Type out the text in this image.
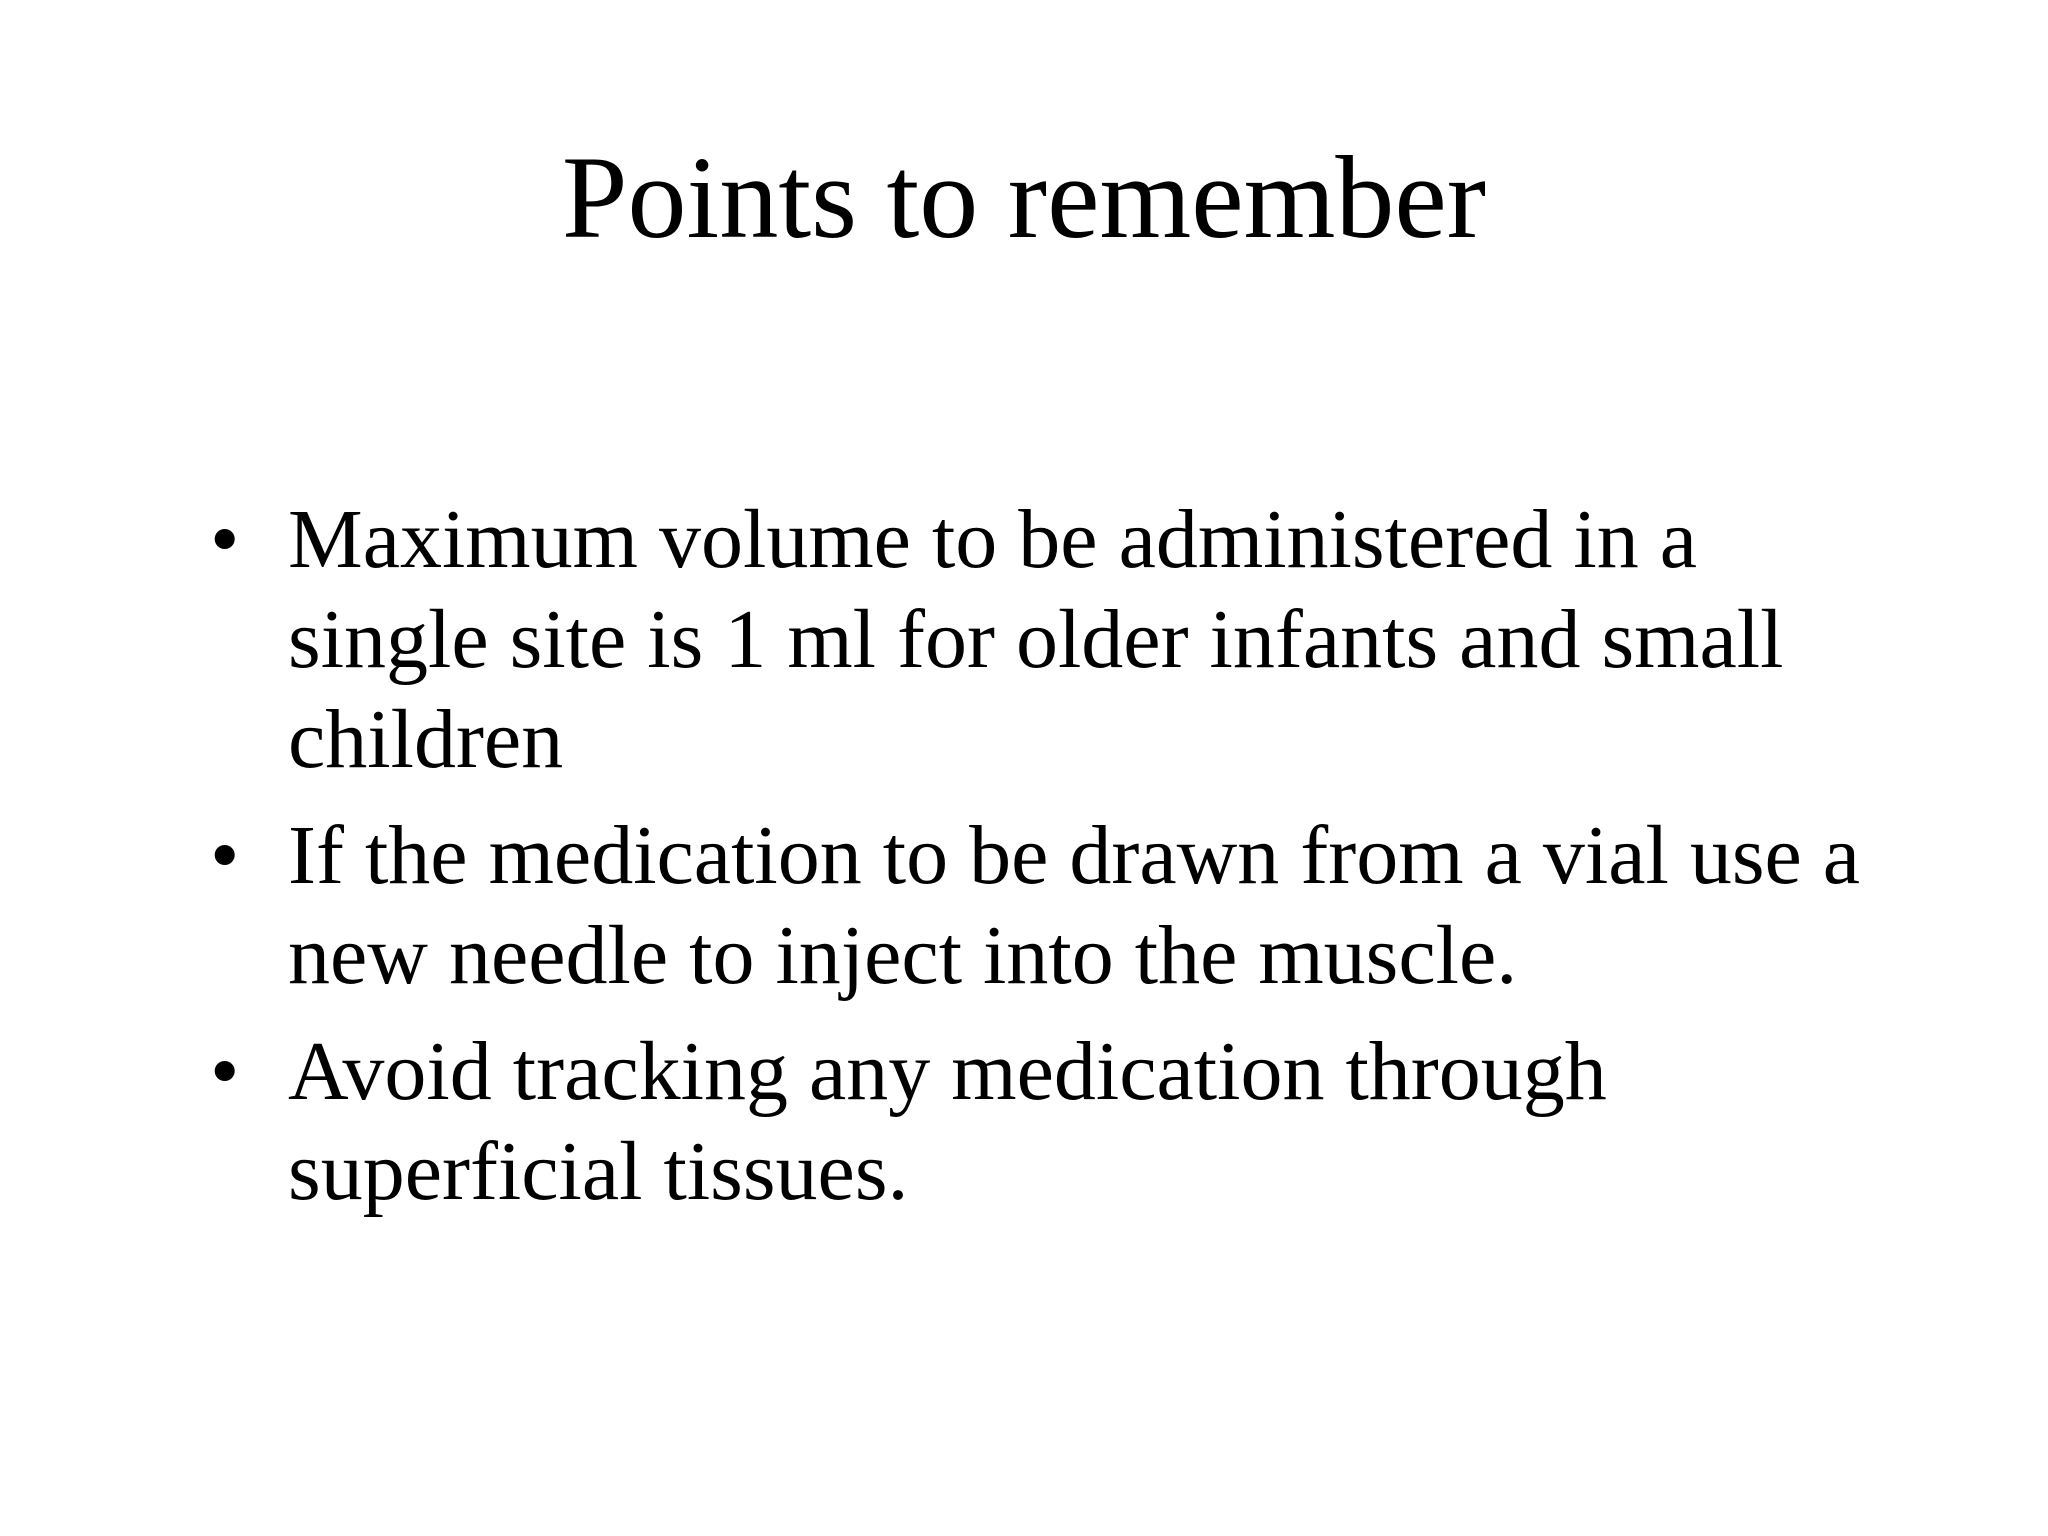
Points to remember
• Maximum volume to be administered in a single site is 1 ml for older infants and small children
• If the medication to be drawn from a vial use a new needle to inject into the muscle.
• Avoid tracking any medication through superficial tissues.
